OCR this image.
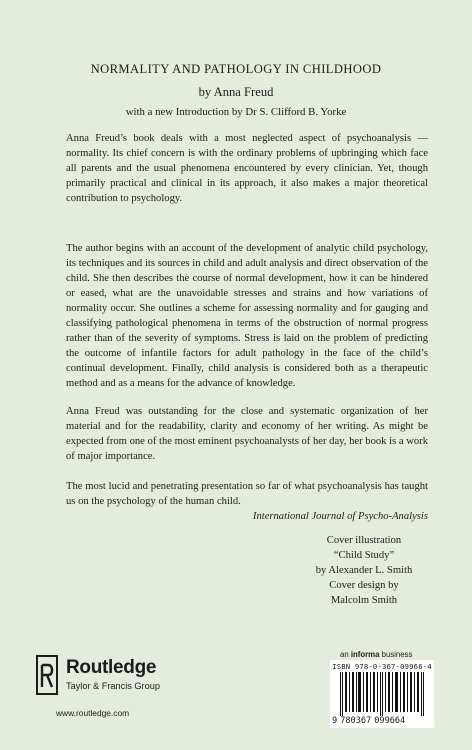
NORMALITY AND PATHOLOGY IN CHILDHOOD
by Anna Freud
with a new Introduction by Dr S. Clifford B. Yorke
Anna Freud’s book deals with a most neglected aspect of psychoanalysis — normality. Its chief concern is with the ordinary problems of upbringing which face all parents and the usual phenomena encountered by every clinician. Yet, though primarily practical and clinical in its approach, it also makes a major theoretical contribution to psychology.
The author begins with an account of the development of analytic child psychology, its techniques and its sources in child and adult analysis and direct observation of the child. She then describes the course of normal development, how it can be hindered or eased, what are the unavoidable stresses and strains and how variations of normality occur. She outlines a scheme for assessing normality and for gauging and classifying pathological phenomena in terms of the obstruction of normal progress rather than of the severity of symptoms. Stress is laid on the problem of predicting the outcome of infantile factors for adult pathology in the face of the child’s continual development. Finally, child analysis is considered both as a therapeutic method and as a means for the advance of knowledge.
Anna Freud was outstanding for the close and systematic organization of her material and for the readability, clarity and economy of her writing. As might be expected from one of the most eminent psychoanalysts of her day, her book is a work of major importance.
The most lucid and penetrating presentation so far of what psychoanalysis has taught us on the psychology of the human child.
International Journal of Psycho-Analysis
Cover illustration
“Child Study”
by Alexander L. Smith
Cover design by
Malcolm Smith
Routledge
Taylor & Francis Group
www.routledge.com
an informa business
ISBN 978-0-367-09966-4
9 780367 099664
